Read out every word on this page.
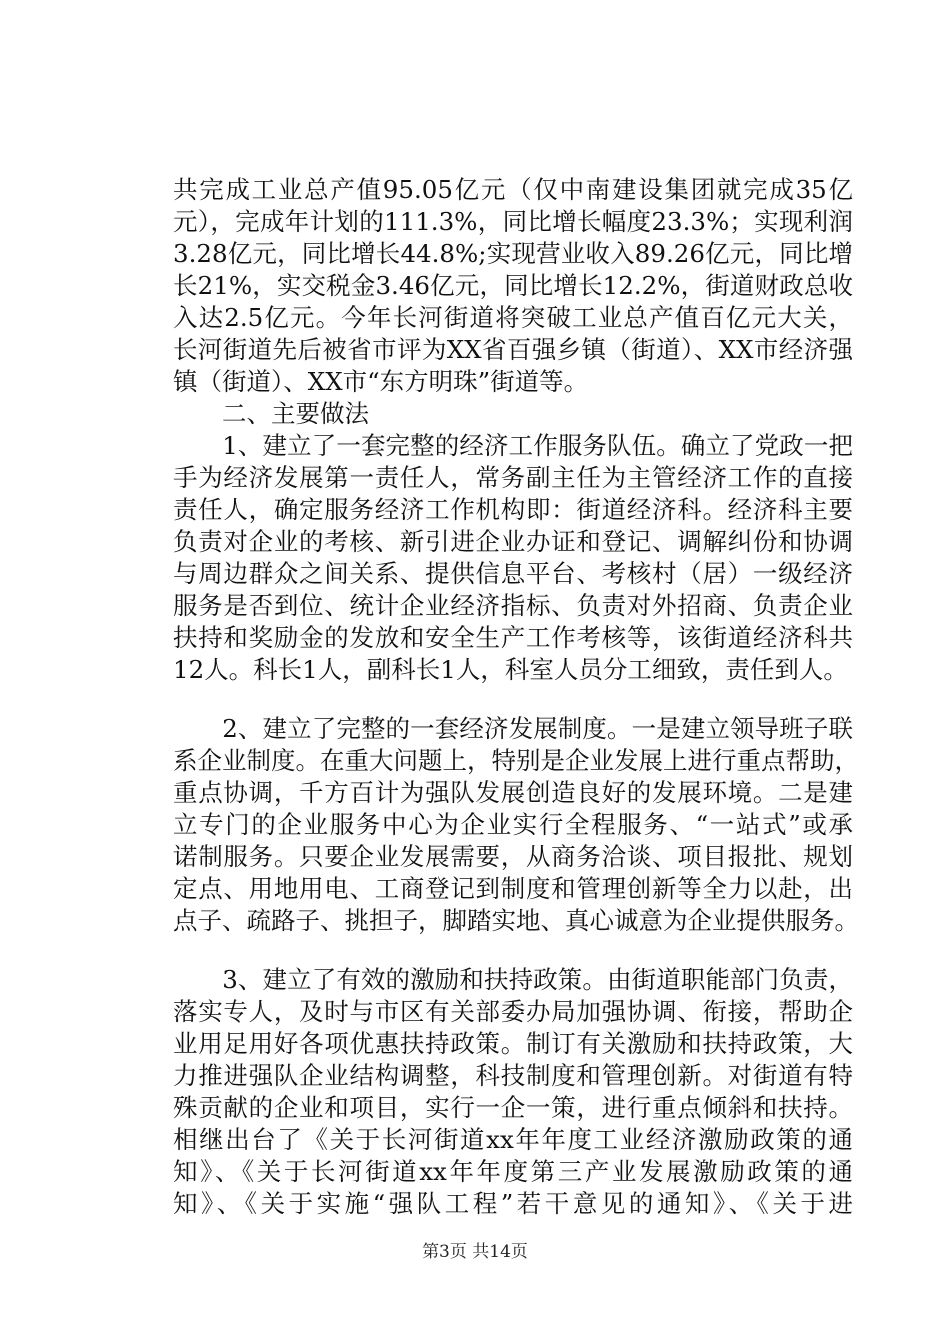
共完成工业总产值95.05亿元（仅中南建设集团就完成35亿
元），完成年计划的111.3%，同比增长幅度23.3%；实现利润
3.28亿元，同比增长44.8%;实现营业收入89.26亿元，同比增
长21%，实交税金3.46亿元，同比增长12.2%，街道财政总收
入达2.5亿元。今年长河街道将突破工业总产值百亿元大关，
长河街道先后被省市评为XX省百强乡镇（街道）、XX市经济强
镇（街道）、XX市“东方明珠”街道等。
　　二、主要做法
　　1、建立了一套完整的经济工作服务队伍。确立了党政一把
手为经济发展第一责任人，常务副主任为主管经济工作的直接
责任人，确定服务经济工作机构即：街道经济科。经济科主要
负责对企业的考核、新引进企业办证和登记、调解纠份和协调
与周边群众之间关系、提供信息平台、考核村（居）一级经济
服务是否到位、统计企业经济指标、负责对外招商、负责企业
扶持和奖励金的发放和安全生产工作考核等，该街道经济科共
12人。科长1人，副科长1人，科室人员分工细致，责任到人。
　　2、建立了完整的一套经济发展制度。一是建立领导班子联
系企业制度。在重大问题上，特别是企业发展上进行重点帮助，
重点协调，千方百计为强队发展创造良好的发展环境。二是建
立专门的企业服务中心为企业实行全程服务、“一站式”或承
诺制服务。只要企业发展需要，从商务洽谈、项目报批、规划
定点、用地用电、工商登记到制度和管理创新等全力以赴，出
点子、疏路子、挑担子，脚踏实地、真心诚意为企业提供服务。
　　3、建立了有效的激励和扶持政策。由街道职能部门负责，
落实专人，及时与市区有关部委办局加强协调、衔接，帮助企
业用足用好各项优惠扶持政策。制订有关激励和扶持政策，大
力推进强队企业结构调整，科技制度和管理创新。对街道有特
殊贡献的企业和项目，实行一企一策，进行重点倾斜和扶持。
相继出台了《关于长河街道xx年年度工业经济激励政策的通
知》、《关于长河街道xx年年度第三产业发展激励政策的通
知》、《关于实施“强队工程”若干意见的通知》、《关于进
第3页 共14页
